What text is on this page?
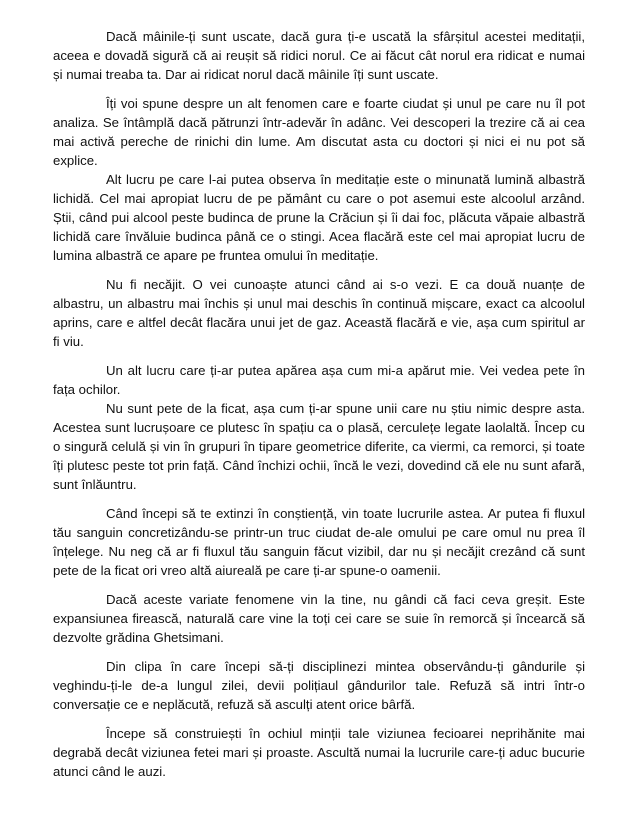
Dacă mâinile-ți sunt uscate, dacă gura ți-e uscată la sfârșitul acestei meditații, aceea e dovadă sigură că ai reușit să ridici norul. Ce ai făcut cât norul era ridicat e numai și numai treaba ta. Dar ai ridicat norul dacă mâinile îți sunt uscate.

Îți voi spune despre un alt fenomen care e foarte ciudat și unul pe care nu îl pot analiza. Se întâmplă dacă pătrunzi într-adevăr în adânc. Vei descoperi la trezire că ai cea mai activă pereche de rinichi din lume. Am discutat asta cu doctori și nici ei nu pot să explice.

Alt lucru pe care l-ai putea observa în meditație este o minunată lumină albastră lichidă. Cel mai apropiat lucru de pe pământ cu care o pot asemui este alcoolul arzând. Știi, când pui alcool peste budinca de prune la Crăciun și îi dai foc, plăcuta văpaie albastră lichidă care învăluie budinca până ce o stingi. Acea flacără este cel mai apropiat lucru de lumina albastră ce apare pe fruntea omului în meditație.

Nu fi necăjit. O vei cunoaște atunci când ai s-o vezi. E ca două nuanțe de albastru, un albastru mai închis și unul mai deschis în continuă mișcare, exact ca alcoolul aprins, care e altfel decât flacăra unui jet de gaz. Această flacără e vie, așa cum spiritul ar fi viu.

Un alt lucru care ți-ar putea apărea așa cum mi-a apărut mie. Vei vedea pete în fața ochilor.

Nu sunt pete de la ficat, așa cum ți-ar spune unii care nu știu nimic despre asta. Acestea sunt lucrușoare ce plutesc în spațiu ca o plasă, cerculețe legate laolaltă. Încep cu o singură celulă și vin în grupuri în tipare geometrice diferite, ca viermi, ca remorci, și toate îți plutesc peste tot prin față. Când închizi ochii, încă le vezi, dovedind că ele nu sunt afară, sunt înlăuntru.

Când începi să te extinzi în conștiență, vin toate lucrurile astea. Ar putea fi fluxul tău sanguin concretizându-se printr-un truc ciudat de-ale omului pe care omul nu prea îl înțelege. Nu neg că ar fi fluxul tău sanguin făcut vizibil, dar nu și necăjit crezând că sunt pete de la ficat ori vreo altă aiureală pe care ți-ar spune-o oamenii.

Dacă aceste variate fenomene vin la tine, nu gândi că faci ceva greșit. Este expansiunea firească, naturală care vine la toți cei care se suie în remorcă și încearcă să dezvolte grădina Ghetsimani.

Din clipa în care începi să-ți disciplinezi mintea observându-ți gândurile și veghindu-ți-le de-a lungul zilei, devii polițiaul gândurilor tale. Refuză să intri într-o conversație ce e neplăcută, refuză să asculți atent orice bârfă.

Începe să construiești în ochiul minții tale viziunea fecioarei neprihănite mai degrabă decât viziunea fetei mari și proaste. Ascultă numai la lucrurile care-ți aduc bucurie atunci când le auzi.
